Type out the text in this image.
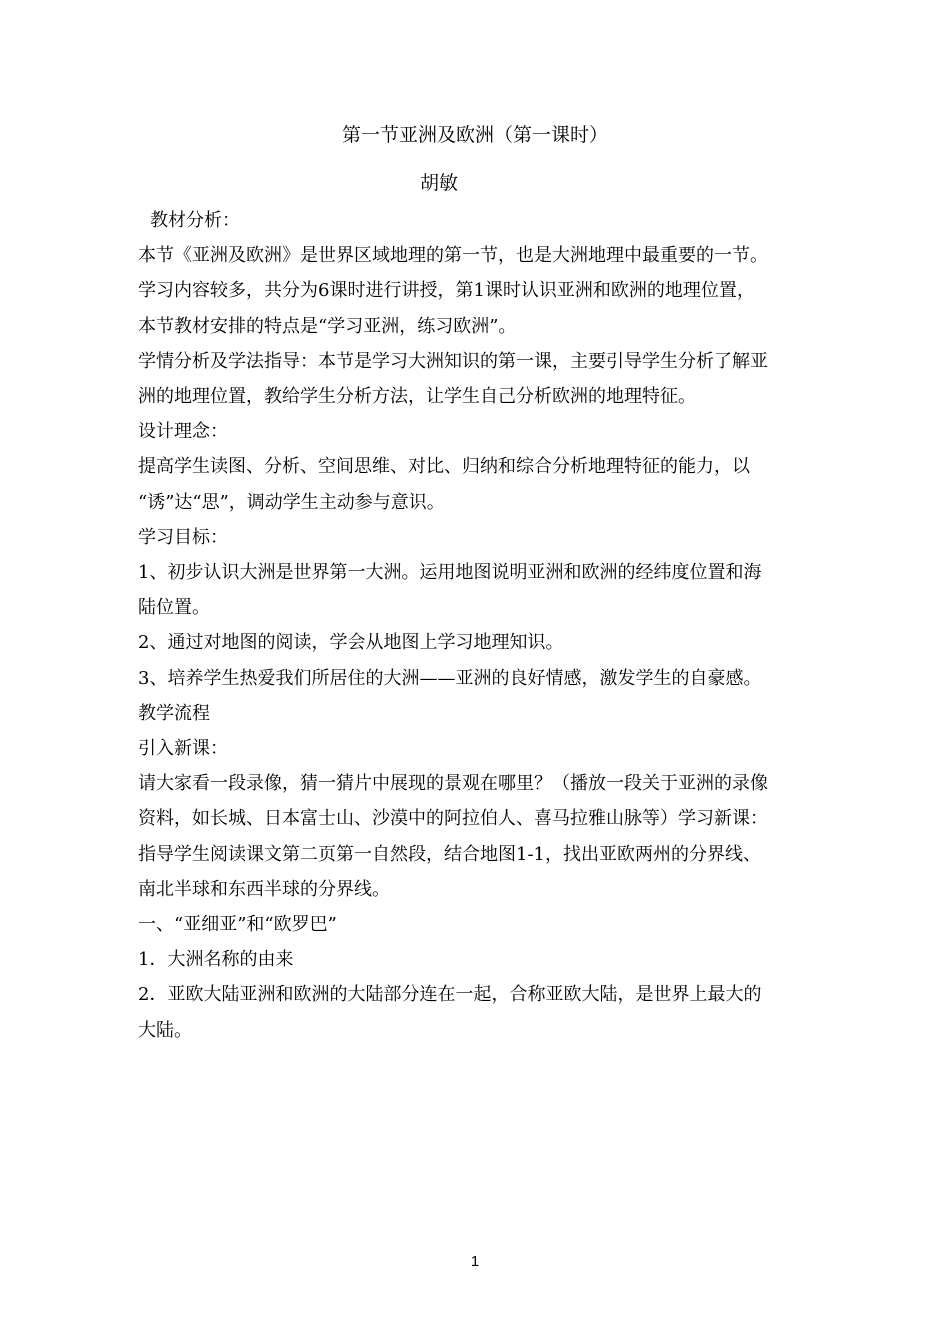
第一节亚洲及欧洲（第一课时）
胡敏
教材分析：
本节《亚洲及欧洲》是世界区域地理的第一节，也是大洲地理中最重要的一节。
学习内容较多，共分为6课时进行讲授，第1课时认识亚洲和欧洲的地理位置，
本节教材安排的特点是“学习亚洲，练习欧洲”。
学情分析及学法指导：本节是学习大洲知识的第一课，主要引导学生分析了解亚
洲的地理位置，教给学生分析方法，让学生自己分析欧洲的地理特征。
设计理念：
提高学生读图、分析、空间思维、对比、归纳和综合分析地理特征的能力，以
“诱”达“思”，调动学生主动参与意识。
学习目标：
1、初步认识大洲是世界第一大洲。运用地图说明亚洲和欧洲的经纬度位置和海
陆位置。
2、通过对地图的阅读，学会从地图上学习地理知识。
3、培养学生热爱我们所居住的大洲——亚洲的良好情感，激发学生的自豪感。
教学流程
引入新课：
请大家看一段录像，猜一猜片中展现的景观在哪里？（播放一段关于亚洲的录像
资料，如长城、日本富士山、沙漠中的阿拉伯人、喜马拉雅山脉等）学习新课：
指导学生阅读课文第二页第一自然段，结合地图1-1，找出亚欧两州的分界线、
南北半球和东西半球的分界线。
一、“亚细亚”和“欧罗巴”
1．大洲名称的由来
2．亚欧大陆亚洲和欧洲的大陆部分连在一起，合称亚欧大陆，是世界上最大的
大陆。
1
